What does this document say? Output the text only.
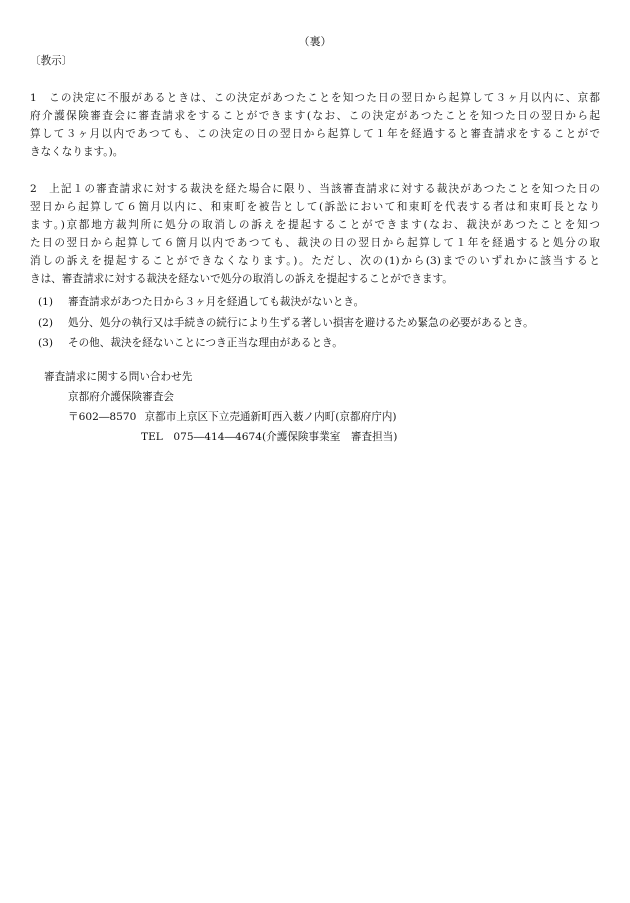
（裏）
〔教示〕
1 この決定に不服があるときは、この決定があつたことを知つた日の翌日から起算して３ヶ月以内に、京都
府介護保険審査会に審査請求をすることができます(なお、この決定があつたことを知つた日の翌日から起
算して３ヶ月以内であつても、この決定の日の翌日から起算して１年を経過すると審査請求をすることがで
きなくなります。)。
2 上記１の審査請求に対する裁決を経た場合に限り、当該審査請求に対する裁決があつたことを知つた日の
翌日から起算して６箇月以内に、和束町を被告として(訴訟において和束町を代表する者は和束町長となり
ます。)京都地方裁判所に処分の取消しの訴えを提起することができます(なお、裁決があつたことを知つ
た日の翌日から起算して６箇月以内であつても、裁決の日の翌日から起算して１年を経過すると処分の取
消しの訴えを提起することができなくなります。)。ただし、次の(1)から(3)までのいずれかに該当すると
きは、審査請求に対する裁決を経ないで処分の取消しの訴えを提起することができます。
(1) 審査請求があつた日から３ヶ月を経過しても裁決がないとき。
(2) 処分、処分の執行又は手続きの続行により生ずる著しい損害を避けるため緊急の必要があるとき。
(3) その他、裁決を経ないことにつき正当な理由があるとき。
審査請求に関する問い合わせ先
京都府介護保険審査会
〒602―8570　 京都市上京区下立売通新町西入薮ノ内町(京都府庁内)
TEL　075―414―4674(介護保険事業室　審査担当)
